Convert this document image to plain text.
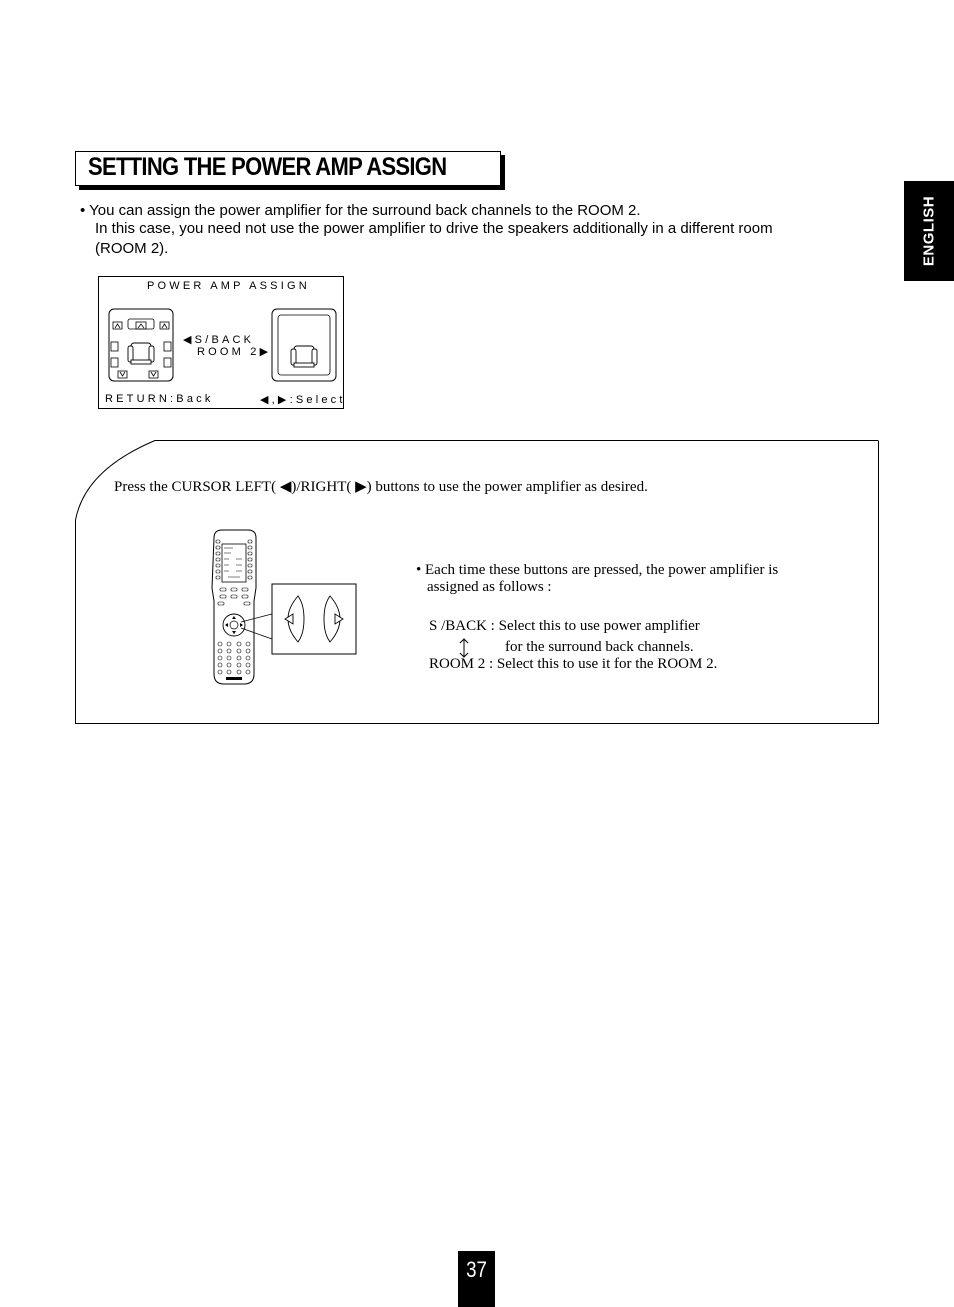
SETTING THE POWER AMP ASSIGN
ENGLISH
• You can assign the power amplifier for the surround back channels to the ROOM 2.
In this case, you need not use the power amplifier to drive the speakers additionally in a different room
(ROOM 2).
POWER AMP ASSIGN
◀S/BACK
ROOM 2▶
RETURN:Back	◀,▶:Select
Press the CURSOR LEFT( ◀)/RIGHT( ▶) buttons to use the power amplifier as desired.
• Each time these buttons are pressed, the power amplifier is
assigned as follows :
S /BACK : Select this to use power amplifier
for the surround back channels.
ROOM 2 : Select this to use it for the ROOM 2.
37
